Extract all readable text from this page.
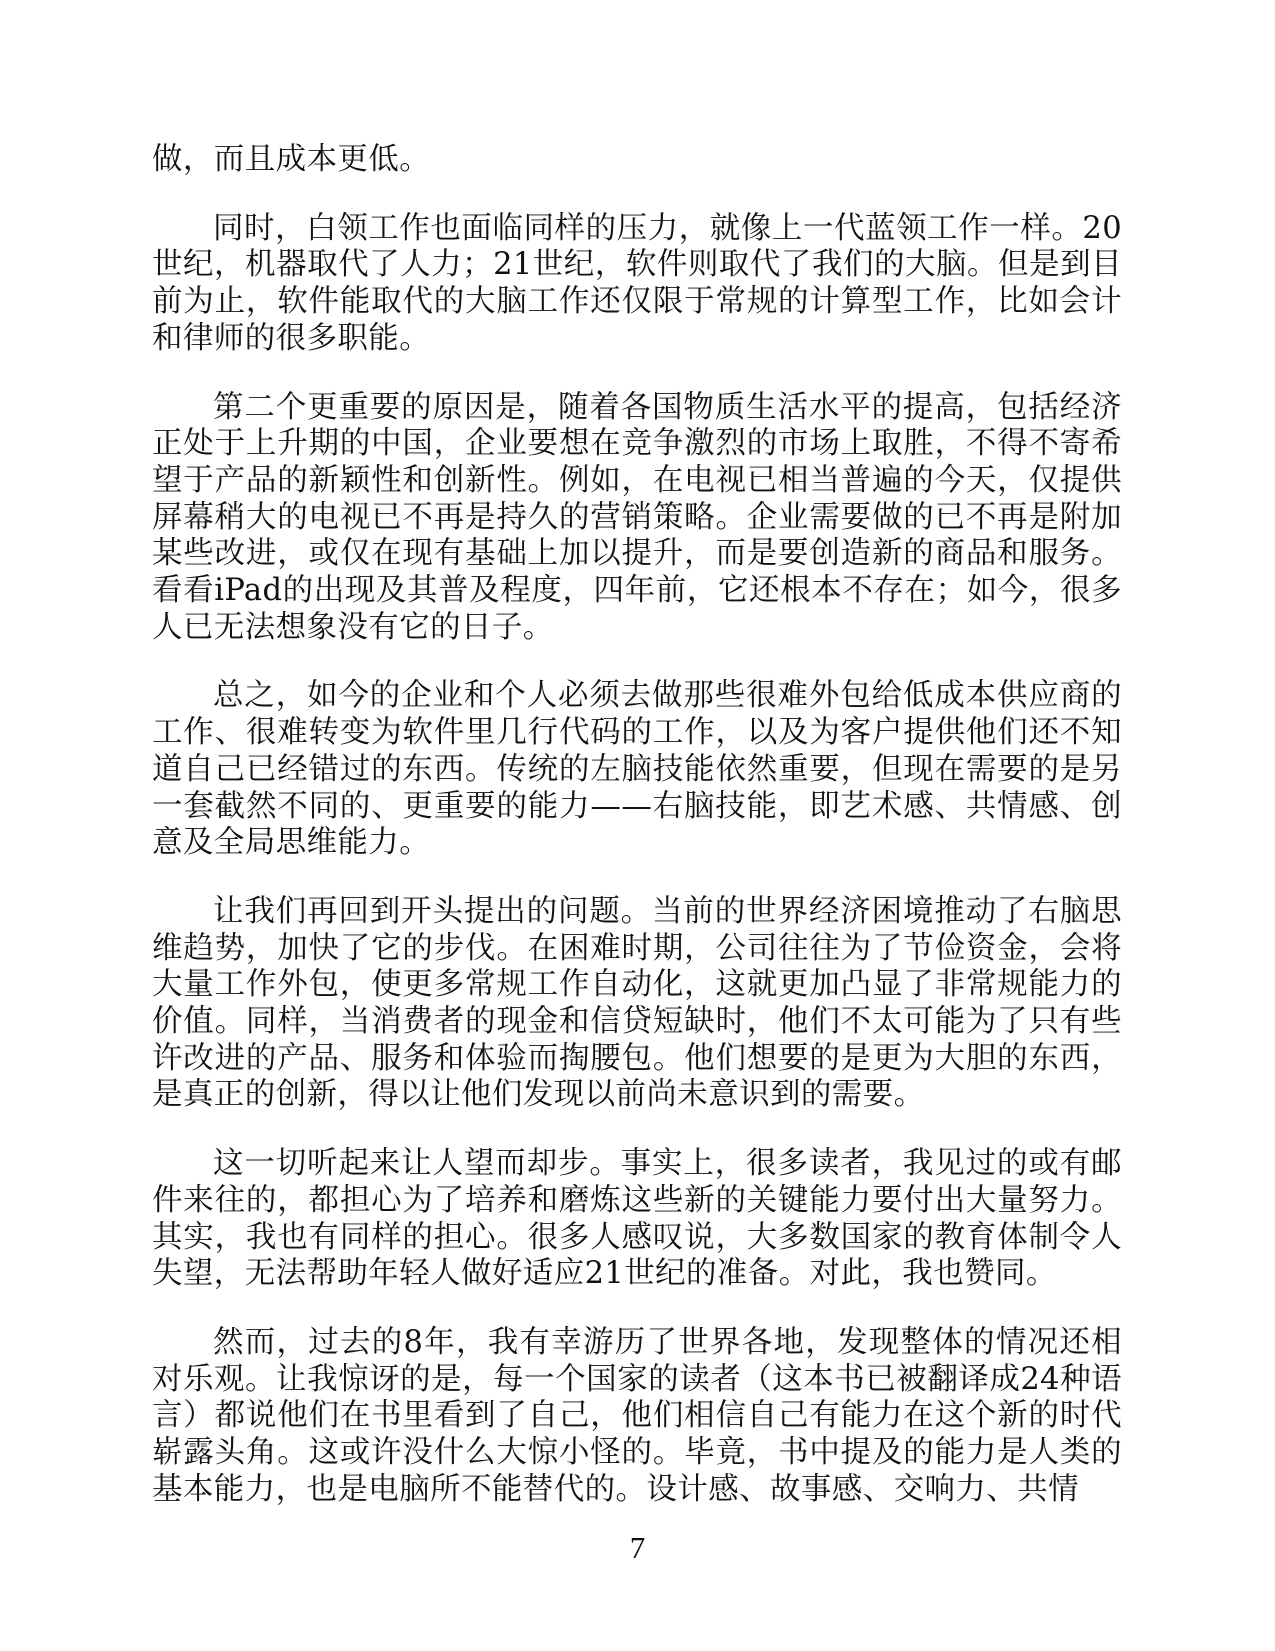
做，而且成本更低。

同时，白领工作也面临同样的压力，就像上一代蓝领工作一样。20世纪，机器取代了人力；21世纪，软件则取代了我们的大脑。但是到目前为止，软件能取代的大脑工作还仅限于常规的计算型工作，比如会计和律师的很多职能。

第二个更重要的原因是，随着各国物质生活水平的提高，包括经济正处于上升期的中国，企业要想在竞争激烈的市场上取胜，不得不寄希望于产品的新颖性和创新性。例如，在电视已相当普遍的今天，仅提供屏幕稍大的电视已不再是持久的营销策略。企业需要做的已不再是附加某些改进，或仅在现有基础上加以提升，而是要创造新的商品和服务。看看iPad的出现及其普及程度，四年前，它还根本不存在；如今，很多人已无法想象没有它的日子。

总之，如今的企业和个人必须去做那些很难外包给低成本供应商的工作、很难转变为软件里几行代码的工作，以及为客户提供他们还不知道自己已经错过的东西。传统的左脑技能依然重要，但现在需要的是另一套截然不同的、更重要的能力——右脑技能，即艺术感、共情感、创意及全局思维能力。

让我们再回到开头提出的问题。当前的世界经济困境推动了右脑思维趋势，加快了它的步伐。在困难时期，公司往往为了节俭资金，会将大量工作外包，使更多常规工作自动化，这就更加凸显了非常规能力的价值。同样，当消费者的现金和信贷短缺时，他们不太可能为了只有些许改进的产品、服务和体验而掏腰包。他们想要的是更为大胆的东西，是真正的创新，得以让他们发现以前尚未意识到的需要。

这一切听起来让人望而却步。事实上，很多读者，我见过的或有邮件来往的，都担心为了培养和磨炼这些新的关键能力要付出大量努力。其实，我也有同样的担心。很多人感叹说，大多数国家的教育体制令人失望，无法帮助年轻人做好适应21世纪的准备。对此，我也赞同。

然而，过去的8年，我有幸游历了世界各地，发现整体的情况还相对乐观。让我惊讶的是，每一个国家的读者（这本书已被翻译成24种语言）都说他们在书里看到了自己，他们相信自己有能力在这个新的时代崭露头角。这或许没什么大惊小怪的。毕竟，书中提及的能力是人类的基本能力，也是电脑所不能替代的。设计感、故事感、交响力、共情

7
